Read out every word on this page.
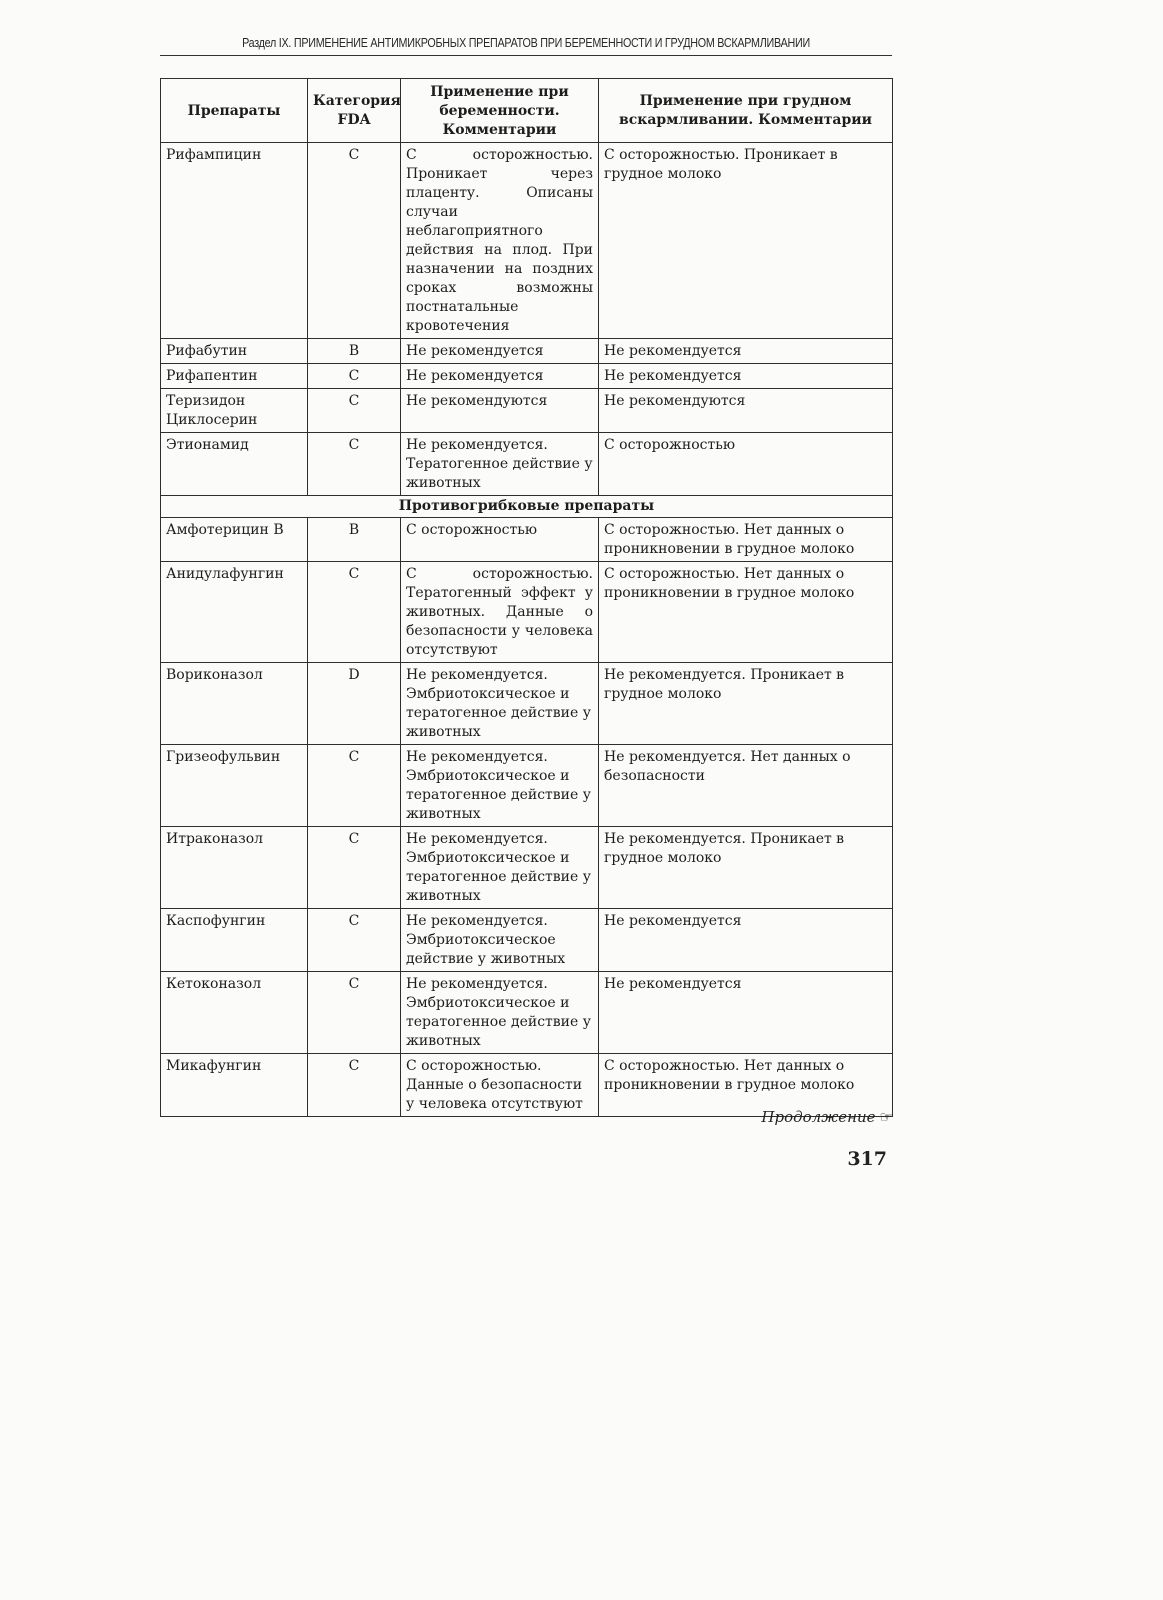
Раздел IX. ПРИМЕНЕНИЕ АНТИМИКРОБНЫХ ПРЕПАРАТОВ ПРИ БЕРЕМЕННОСТИ И ГРУДНОМ ВСКАРМЛИВАНИИ
Препараты	Категория FDA	Применение при беременности. Комментарии	Применение при грудном вскармливании. Комментарии
Рифампицин	С	С осторожностью. Проникает через плаценту. Описаны случаи неблагоприятного действия на плод. При назначении на поздних сроках возможны постнатальные кровотечения	С осторожностью. Проникает в грудное молоко
Рифабутин	В	Не рекомендуется	Не рекомендуется
Рифапентин	С	Не рекомендуется	Не рекомендуется
Теризидон Циклосерин	С	Не рекомендуются	Не рекомендуются
Этионамид	С	Не рекомендуется. Тератогенное действие у животных	С осторожностью
Противогрибковые препараты			
Амфотерицин В	В	С осторожностью	С осторожностью. Нет данных о проникновении в грудное молоко
Анидулафунгин	С	С осторожностью. Тератогенный эффект у животных. Данные о безопасности у человека отсутствуют	С осторожностью. Нет данных о проникновении в грудное молоко
Вориконазол	D	Не рекомендуется. Эмбриотоксическое и тератогенное действие у животных	Не рекомендуется. Проникает в грудное молоко
Гризеофульвин	С	Не рекомендуется. Эмбриотоксическое и тератогенное действие у животных	Не рекомендуется. Нет данных о безопасности
Итраконазол	С	Не рекомендуется. Эмбриотоксическое и тератогенное действие у животных	Не рекомендуется. Проникает в грудное молоко
Каспофунгин	С	Не рекомендуется. Эмбриотоксическое действие у животных	Не рекомендуется
Кетоконазол	С	Не рекомендуется. Эмбриотоксическое и тератогенное действие у животных	Не рекомендуется
Микафунгин	С	С осторожностью. Данные о безопасности у человека отсутствуют	С осторожностью. Нет данных о проникновении в грудное молоко
Продолжение ☞
317
